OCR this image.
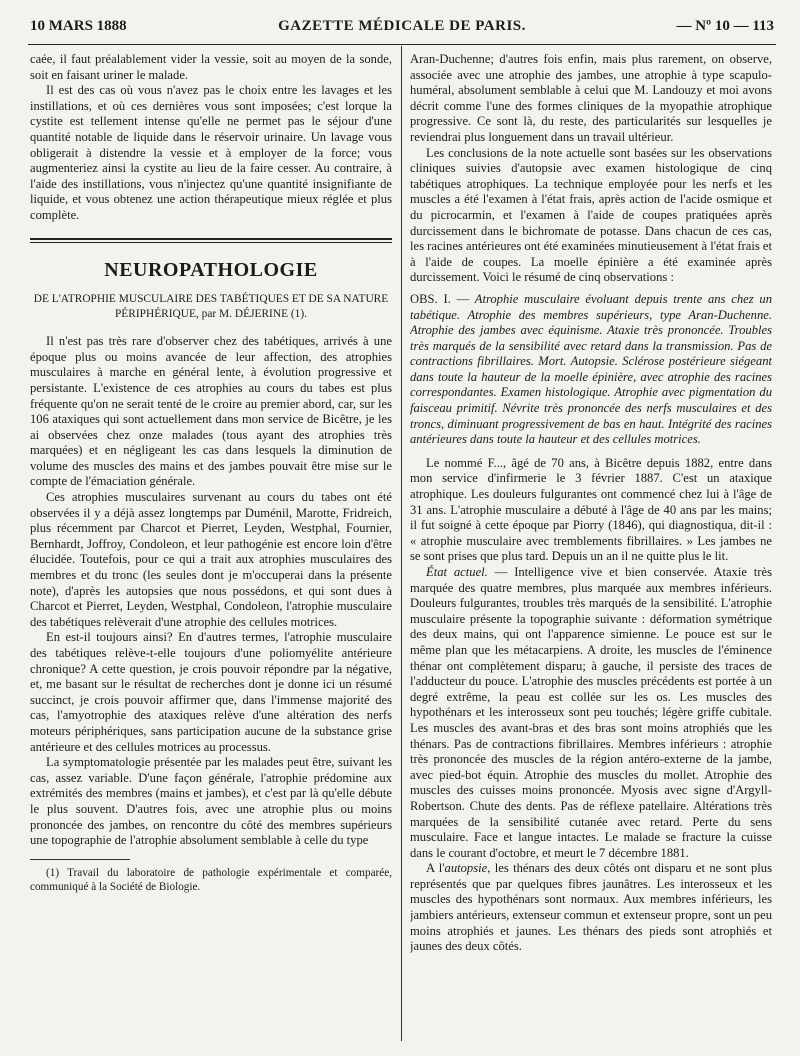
10 MARS 1888	GAZETTE MÉDICALE DE PARIS.	— Nº 10 — 113

caée, il faut préalablement vider la vessie, soit au moyen de la sonde, soit en faisant uriner le malade.

Il est des cas où vous n'avez pas le choix entre les lavages et les instillations, et où ces dernières vous sont imposées; c'est lorque la cystite est tellement intense qu'elle ne permet pas le séjour d'une quantité notable de liquide dans le réservoir urinaire. Un lavage vous obligerait à distendre la vessie et à employer de la force; vous augmenteriez ainsi la cystite au lieu de la faire cesser. Au contraire, à l'aide des instillations, vous n'injectez qu'une quantité insignifiante de liquide, et vous obtenez une action thérapeutique mieux réglée et plus complète.

NEUROPATHOLOGIE
DE L'ATROPHIE MUSCULAIRE DES TABÉTIQUES ET DE SA NATURE PÉRIPHÉRIQUE, par M. DÉJERINE (1).

Il n'est pas très rare d'observer chez des tabétiques, arrivés à une époque plus ou moins avancée de leur affection, des atrophies musculaires à marche en général lente, à évolution progressive et persistante. L'existence de ces atrophies au cours du tabes est plus fréquente qu'on ne serait tenté de le croire au premier abord, car, sur les 106 ataxiques qui sont actuellement dans mon service de Bicêtre, je les ai observées chez onze malades (tous ayant des atrophies très marquées) et en négligeant les cas dans lesquels la diminution de volume des muscles des mains et des jambes pouvait être mise sur le compte de l'émaciation générale.

Ces atrophies musculaires survenant au cours du tabes ont été observées il y a déjà assez longtemps par Duménil, Marotte, Fridreich, plus récemment par Charcot et Pierret, Leyden, Westphal, Fournier, Bernhardt, Joffroy, Condoleon, et leur pathogénie est encore loin d'être élucidée. Toutefois, pour ce qui a trait aux atrophies musculaires des membres et du tronc (les seules dont je m'occuperai dans la présente note), d'après les autopsies que nous possédons, et qui sont dues à Charcot et Pierret, Leyden, Westphal, Condoleon, l'atrophie musculaire des tabétiques relèverait d'une atrophie des cellules motrices.

En est-il toujours ainsi? En d'autres termes, l'atrophie musculaire des tabétiques relève-t-elle toujours d'une poliomyélite antérieure chronique? A cette question, je crois pouvoir répondre par la négative, et, me basant sur le résultat de recherches dont je donne ici un résumé succinct, je crois pouvoir affirmer que, dans l'immense majorité des cas, l'amyotrophie des ataxiques relève d'une altération des nerfs moteurs périphériques, sans participation aucune de la substance grise antérieure et des cellules motrices au processus.

La symptomatologie présentée par les malades peut être, suivant les cas, assez variable. D'une façon générale, l'atrophie prédomine aux extrémités des membres (mains et jambes), et c'est par là qu'elle débute le plus souvent. D'autres fois, avec une atrophie plus ou moins prononcée des jambes, on rencontre du côté des membres supérieurs une topographie de l'atrophie absolument semblable à celle du type

(1) Travail du laboratoire de pathologie expérimentale et comparée, communiqué à la Société de Biologie.

Aran-Duchenne; d'autres fois enfin, mais plus rarement, on observe, associée avec une atrophie des jambes, une atrophie à type scapulo-huméral, absolument semblable à celui que M. Landouzy et moi avons décrit comme l'une des formes cliniques de la myopathie atrophique progressive. Ce sont là, du reste, des particularités sur lesquelles je reviendrai plus longuement dans un travail ultérieur.

Les conclusions de la note actuelle sont basées sur les observations cliniques suivies d'autopsie avec examen histologique de cinq tabétiques atrophiques. La technique employée pour les nerfs et les muscles a été l'examen à l'état frais, après action de l'acide osmique et du picrocarmin, et l'examen à l'aide de coupes pratiquées après durcissement dans le bichromate de potasse. Dans chacun de ces cas, les racines antérieures ont été examinées minutieusement à l'état frais et à l'aide de coupes. La moelle épinière a été examinée après durcissement. Voici le résumé de cinq observations :

OBS. I. — Atrophie musculaire évoluant depuis trente ans chez un tabétique. Atrophie des membres supérieurs, type Aran-Duchenne. Atrophie des jambes avec équinisme. Ataxie très prononcée. Troubles très marqués de la sensibilité avec retard dans la transmission. Pas de contractions fibrillaires. Mort. Autopsie. Sclérose postérieure siégeant dans toute la hauteur de la moelle épinière, avec atrophie des racines correspondantes. Examen histologique. Atrophie avec pigmentation du faisceau primitif. Névrite très prononcée des nerfs musculaires et des troncs, diminuant progressivement de bas en haut. Intégrité des racines antérieures dans toute la hauteur et des cellules motrices.

Le nommé F..., âgé de 70 ans, à Bicêtre depuis 1882, entre dans mon service d'infirmerie le 3 février 1887. C'est un ataxique atrophique. Les douleurs fulgurantes ont commencé chez lui à l'âge de 31 ans. L'atrophie musculaire a débuté à l'âge de 40 ans par les mains; il fut soigné à cette époque par Piorry (1846), qui diagnostiqua, dit-il : « atrophie musculaire avec tremblements fibrillaires. » Les jambes ne se sont prises que plus tard. Depuis un an il ne quitte plus le lit.

État actuel. — Intelligence vive et bien conservée. Ataxie très marquée des quatre membres, plus marquée aux membres inférieurs. Douleurs fulgurantes, troubles très marqués de la sensibilité. L'atrophie musculaire présente la topographie suivante : déformation symétrique des deux mains, qui ont l'apparence simienne. Le pouce est sur le même plan que les métacarpiens. A droite, les muscles de l'éminence thénar ont complètement disparu; à gauche, il persiste des traces de l'adducteur du pouce. L'atrophie des muscles précédents est portée à un degré extrême, la peau est collée sur les os. Les muscles des hypothénars et les interosseux sont peu touchés; légère griffe cubitale. Les muscles des avant-bras et des bras sont moins atrophiés que les thénars. Pas de contractions fibrillaires. Membres inférieurs : atrophie très prononcée des muscles de la région antéro-externe de la jambe, avec pied-bot équin. Atrophie des muscles du mollet. Atrophie des muscles des cuisses moins prononcée. Myosis avec signe d'Argyll-Robertson. Chute des dents. Pas de réflexe patellaire. Altérations très marquées de la sensibilité cutanée avec retard. Perte du sens musculaire. Face et langue intactes. Le malade se fracture la cuisse dans le courant d'octobre, et meurt le 7 décembre 1881.

A l'autopsie, les thénars des deux côtés ont disparu et ne sont plus représentés que par quelques fibres jaunâtres. Les interosseux et les muscles des hypothénars sont normaux. Aux membres inférieurs, les jambiers antérieurs, extenseur commun et extenseur propre, sont un peu moins atrophiés et jaunes. Les thénars des pieds sont atrophiés et jaunes des deux côtés.
